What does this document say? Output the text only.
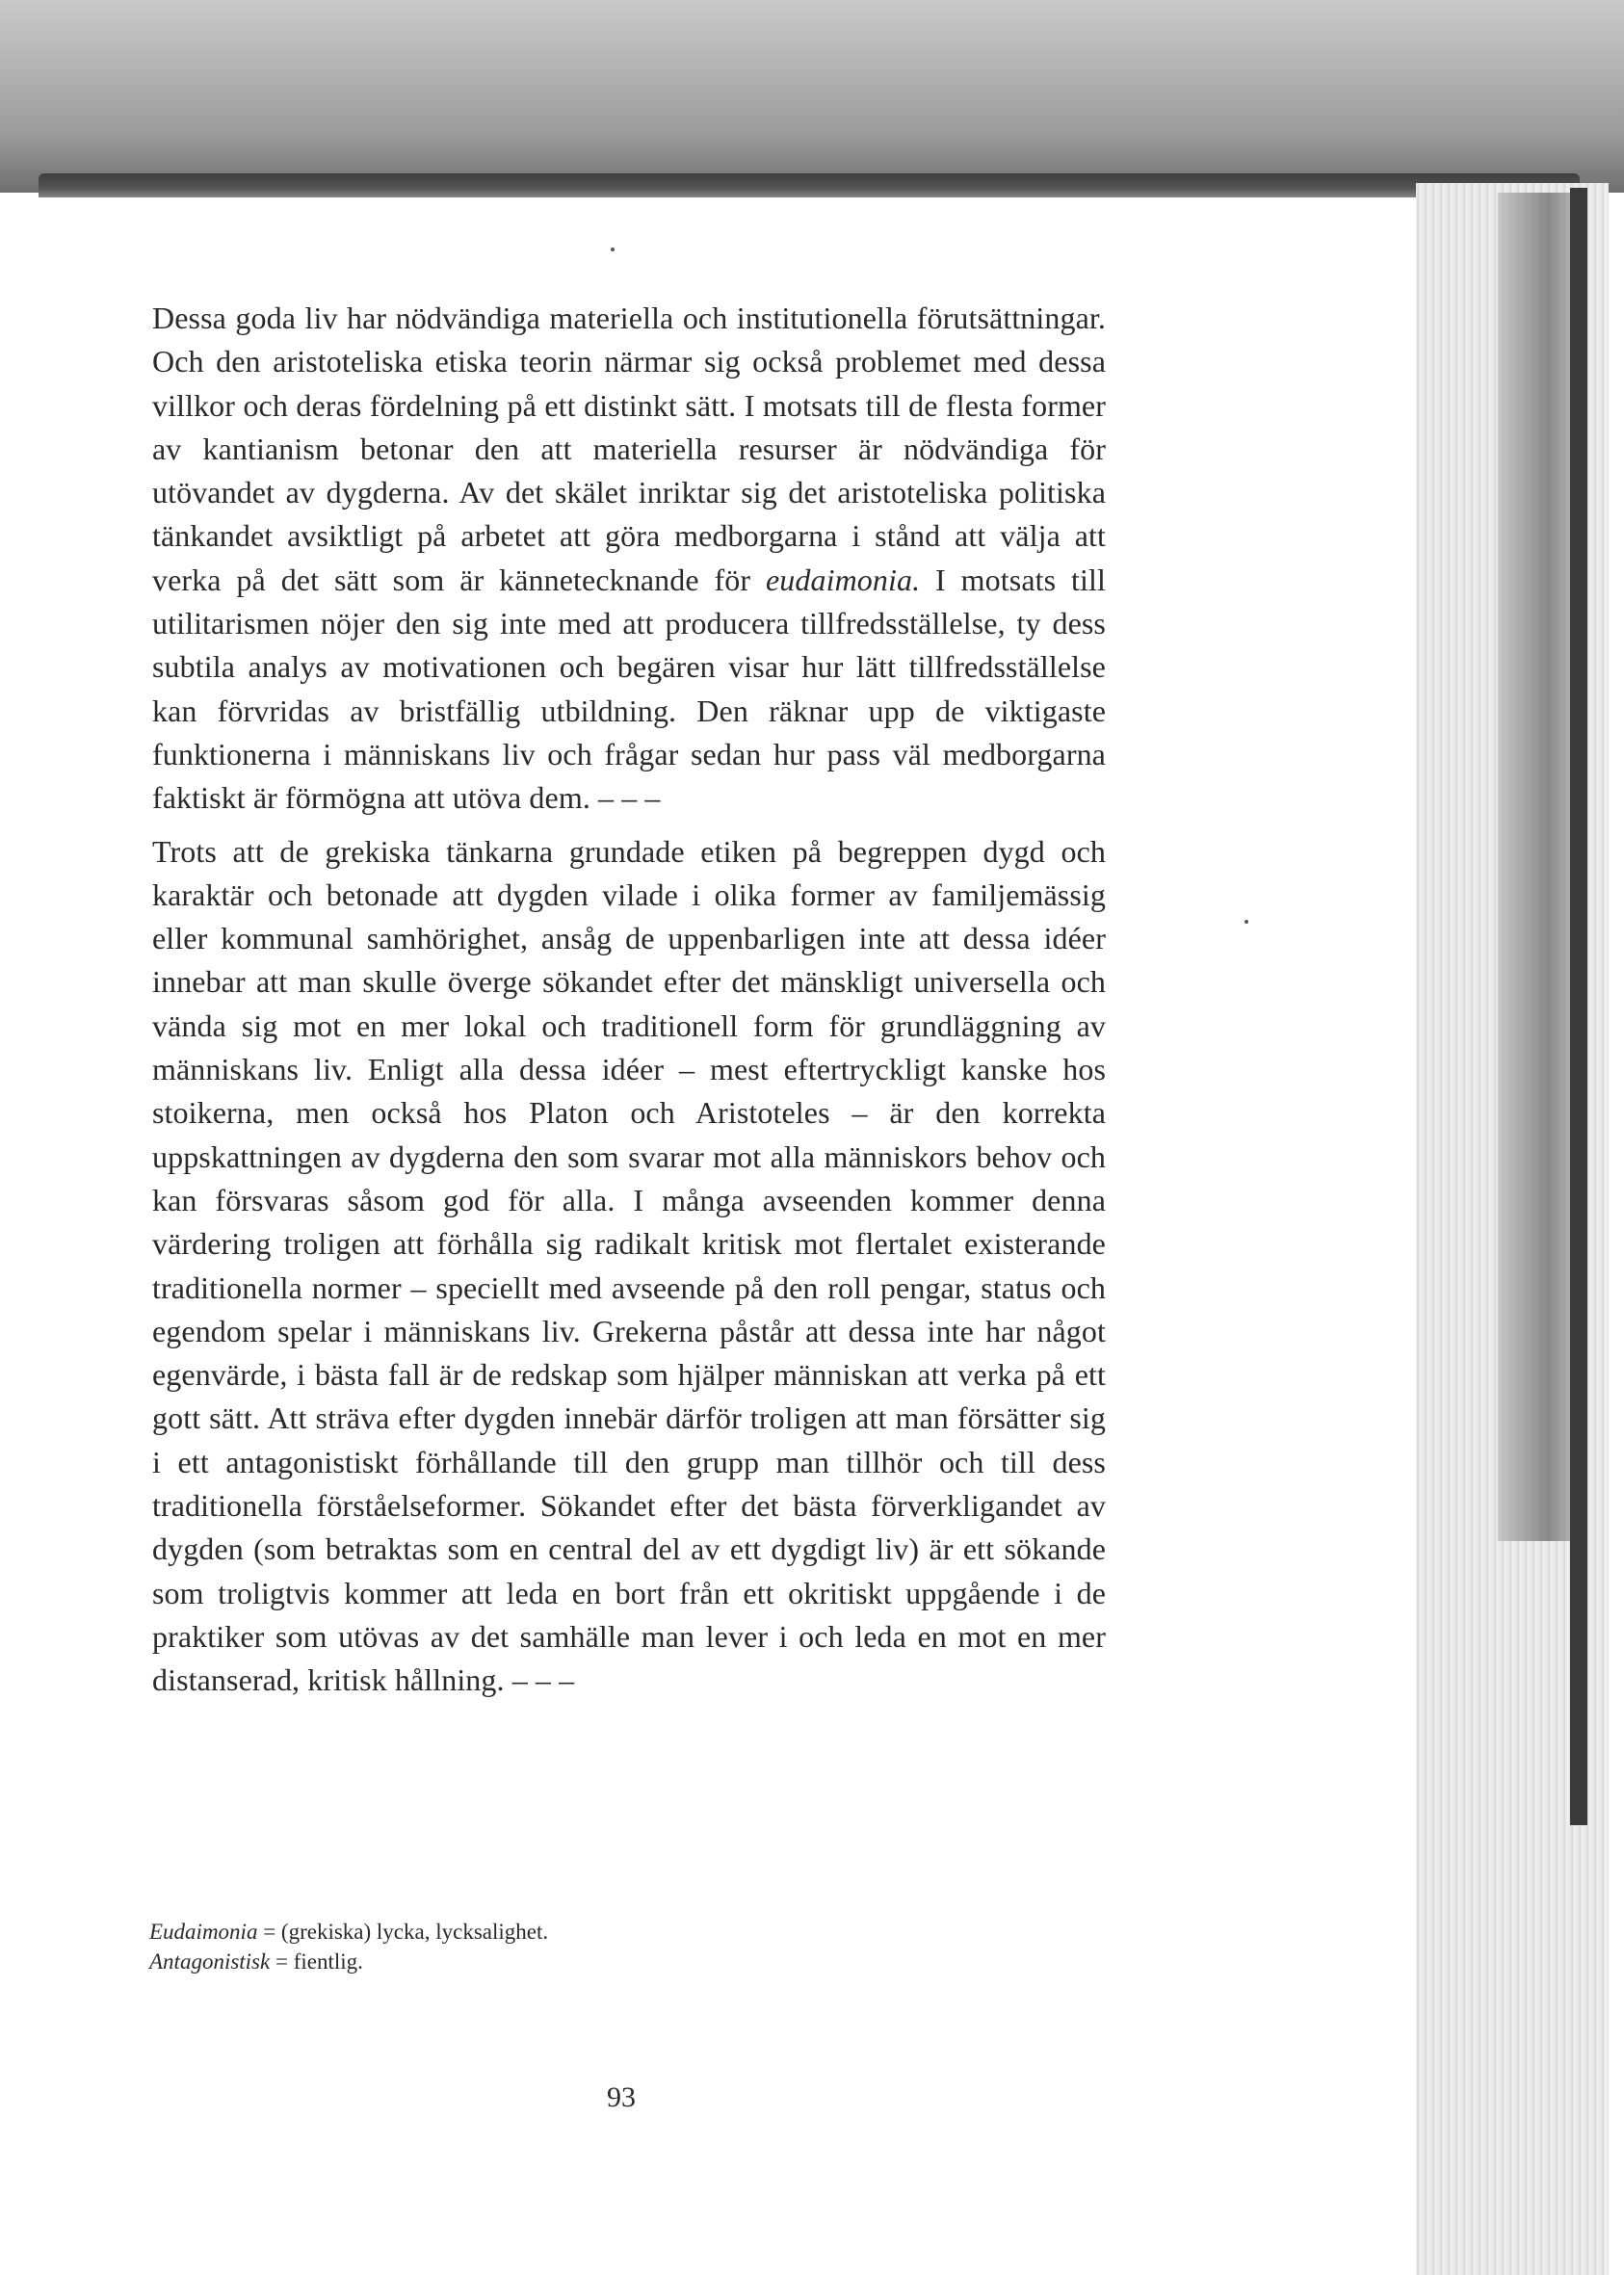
Dessa goda liv har nödvändiga materiella och institutionella förutsättningar. Och den aristoteliska etiska teorin närmar sig också problemet med dessa villkor och deras fördelning på ett distinkt sätt. I motsats till de flesta former av kantianism betonar den att materiella resurser är nödvändiga för utövandet av dygderna. Av det skälet inriktar sig det aristoteliska politiska tänkandet avsiktligt på arbetet att göra medborgarna i stånd att välja att verka på det sätt som är kännetecknande för eudaimonia. I motsats till utilitarismen nöjer den sig inte med att producera tillfredsställelse, ty dess subtila analys av motivationen och begären visar hur lätt tillfredsställelse kan förvridas av bristfällig utbildning. Den räknar upp de viktigaste funktionerna i människans liv och frågar sedan hur pass väl medborgarna faktiskt är förmögna att utöva dem. – – –

Trots att de grekiska tänkarna grundade etiken på begreppen dygd och karaktär och betonade att dygden vilade i olika former av familjemässig eller kommunal samhörighet, ansåg de uppenbarligen inte att dessa idéer innebar att man skulle överge sökandet efter det mänskligt universella och vända sig mot en mer lokal och traditionell form för grundläggning av människans liv. Enligt alla dessa idéer – mest eftertryckligt kanske hos stoikerna, men också hos Platon och Aristoteles – är den korrekta uppskattningen av dygderna den som svarar mot alla människors behov och kan försvaras såsom god för alla. I många avseenden kommer denna värdering troligen att förhålla sig radikalt kritisk mot flertalet existerande traditionella normer – speciellt med avseende på den roll pengar, status och egendom spelar i människans liv. Grekerna påstår att dessa inte har något egenvärde, i bästa fall är de redskap som hjälper människan att verka på ett gott sätt. Att sträva efter dygden innebär därför troligen att man försätter sig i ett antagonistiskt förhållande till den grupp man tillhör och till dess traditionella förståelseformer. Sökandet efter det bästa förverkligandet av dygden (som betraktas som en central del av ett dygdigt liv) är ett sökande som troligtvis kommer att leda en bort från ett okritiskt uppgående i de praktiker som utövas av det samhälle man lever i och leda en mot en mer distanserad, kritisk hållning. – – –

Eudaimonia = (grekiska) lycka, lycksalighet.
Antagonistisk = fientlig.
93
